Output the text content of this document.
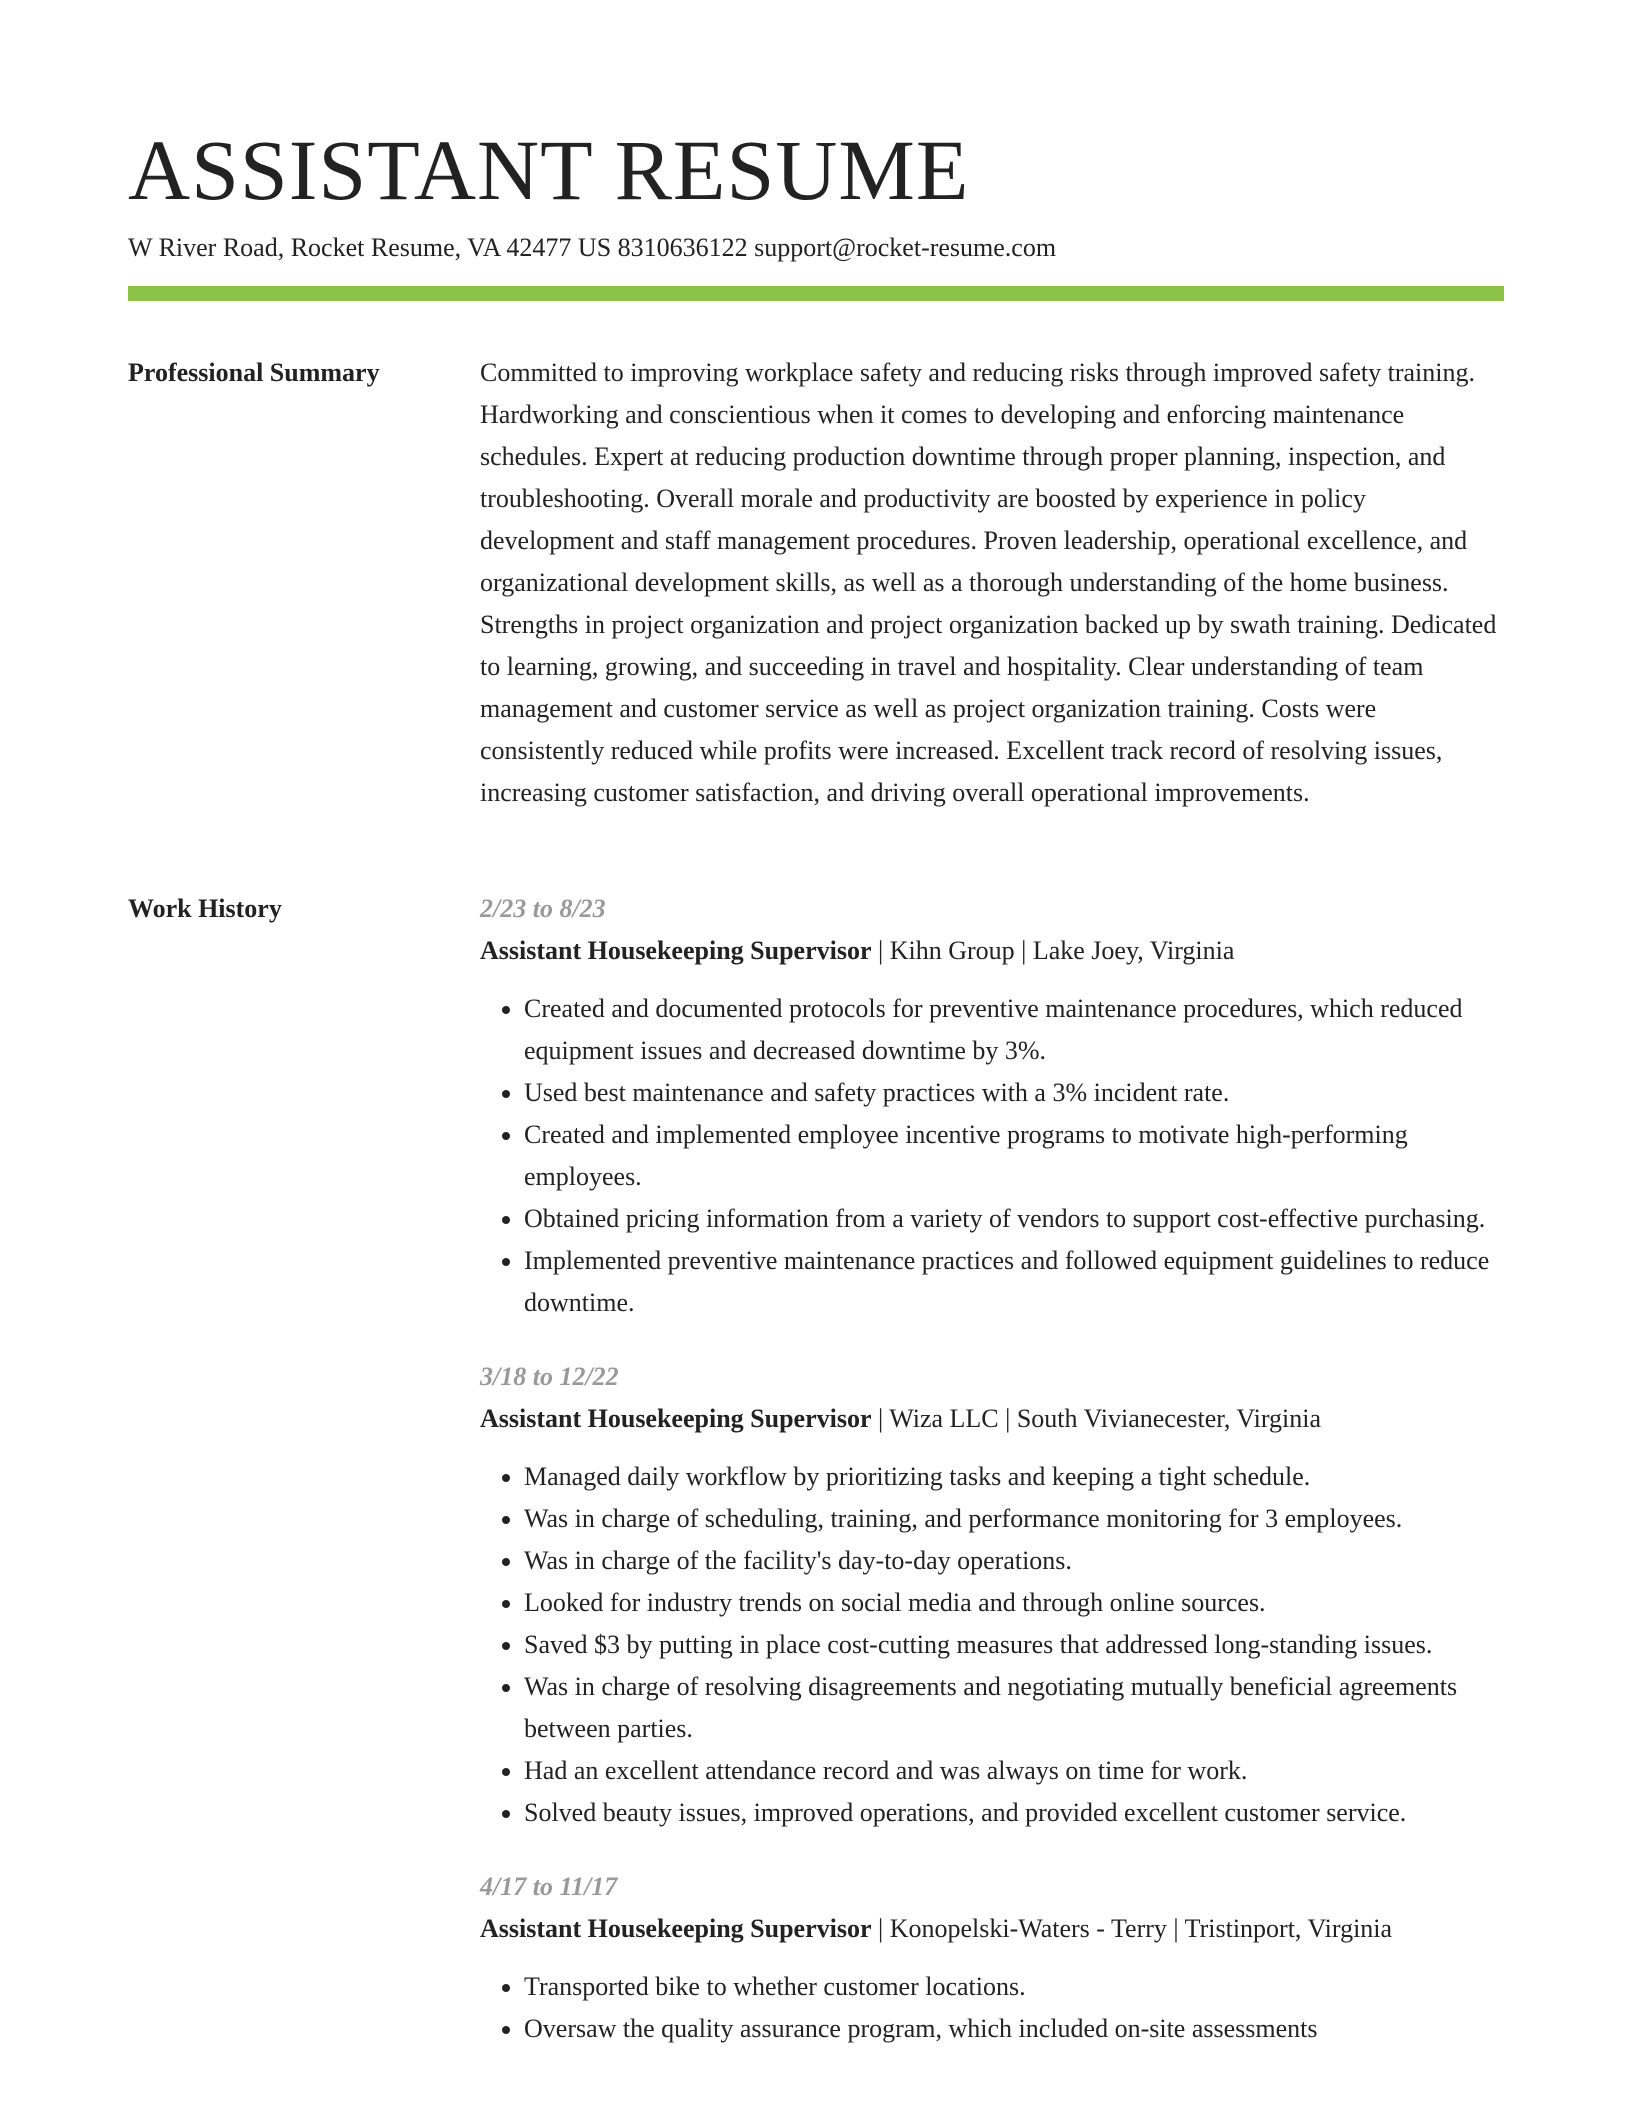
ASSISTANT RESUME
W River Road, Rocket Resume, VA 42477 US 8310636122 support@rocket-resume.com
Professional Summary	Committed to improving workplace safety and reducing risks through improved safety training. Hardworking and conscientious when it comes to developing and enforcing maintenance schedules. Expert at reducing production downtime through proper planning, inspection, and troubleshooting. Overall morale and productivity are boosted by experience in policy development and staff management procedures. Proven leadership, operational excellence, and organizational development skills, as well as a thorough understanding of the home business. Strengths in project organization and project organization backed up by swath training. Dedicated to learning, growing, and succeeding in travel and hospitality. Clear understanding of team management and customer service as well as project organization training. Costs were consistently reduced while profits were increased. Excellent track record of resolving issues, increasing customer satisfaction, and driving overall operational improvements.

Work History	2/23 to 8/23

Assistant Housekeeping Supervisor | Kihn Group | Lake Joey, Virginia

• Created and documented protocols for preventive maintenance procedures, which reduced equipment issues and decreased downtime by 3%.
• Used best maintenance and safety practices with a 3% incident rate.
• Created and implemented employee incentive programs to motivate high-performing employees.
• Obtained pricing information from a variety of vendors to support cost-effective purchasing.
• Implemented preventive maintenance practices and followed equipment guidelines to reduce downtime.

3/18 to 12/22

Assistant Housekeeping Supervisor | Wiza LLC | South Vivianecester, Virginia

• Managed daily workflow by prioritizing tasks and keeping a tight schedule.
• Was in charge of scheduling, training, and performance monitoring for 3 employees.
• Was in charge of the facility's day-to-day operations.
• Looked for industry trends on social media and through online sources.
• Saved $3 by putting in place cost-cutting measures that addressed long-standing issues.
• Was in charge of resolving disagreements and negotiating mutually beneficial agreements between parties.
• Had an excellent attendance record and was always on time for work.
• Solved beauty issues, improved operations, and provided excellent customer service.

4/17 to 11/17

Assistant Housekeeping Supervisor | Konopelski-Waters - Terry | Tristinport, Virginia

• Transported bike to whether customer locations.
• Oversaw the quality assurance program, which included on-site assessments
